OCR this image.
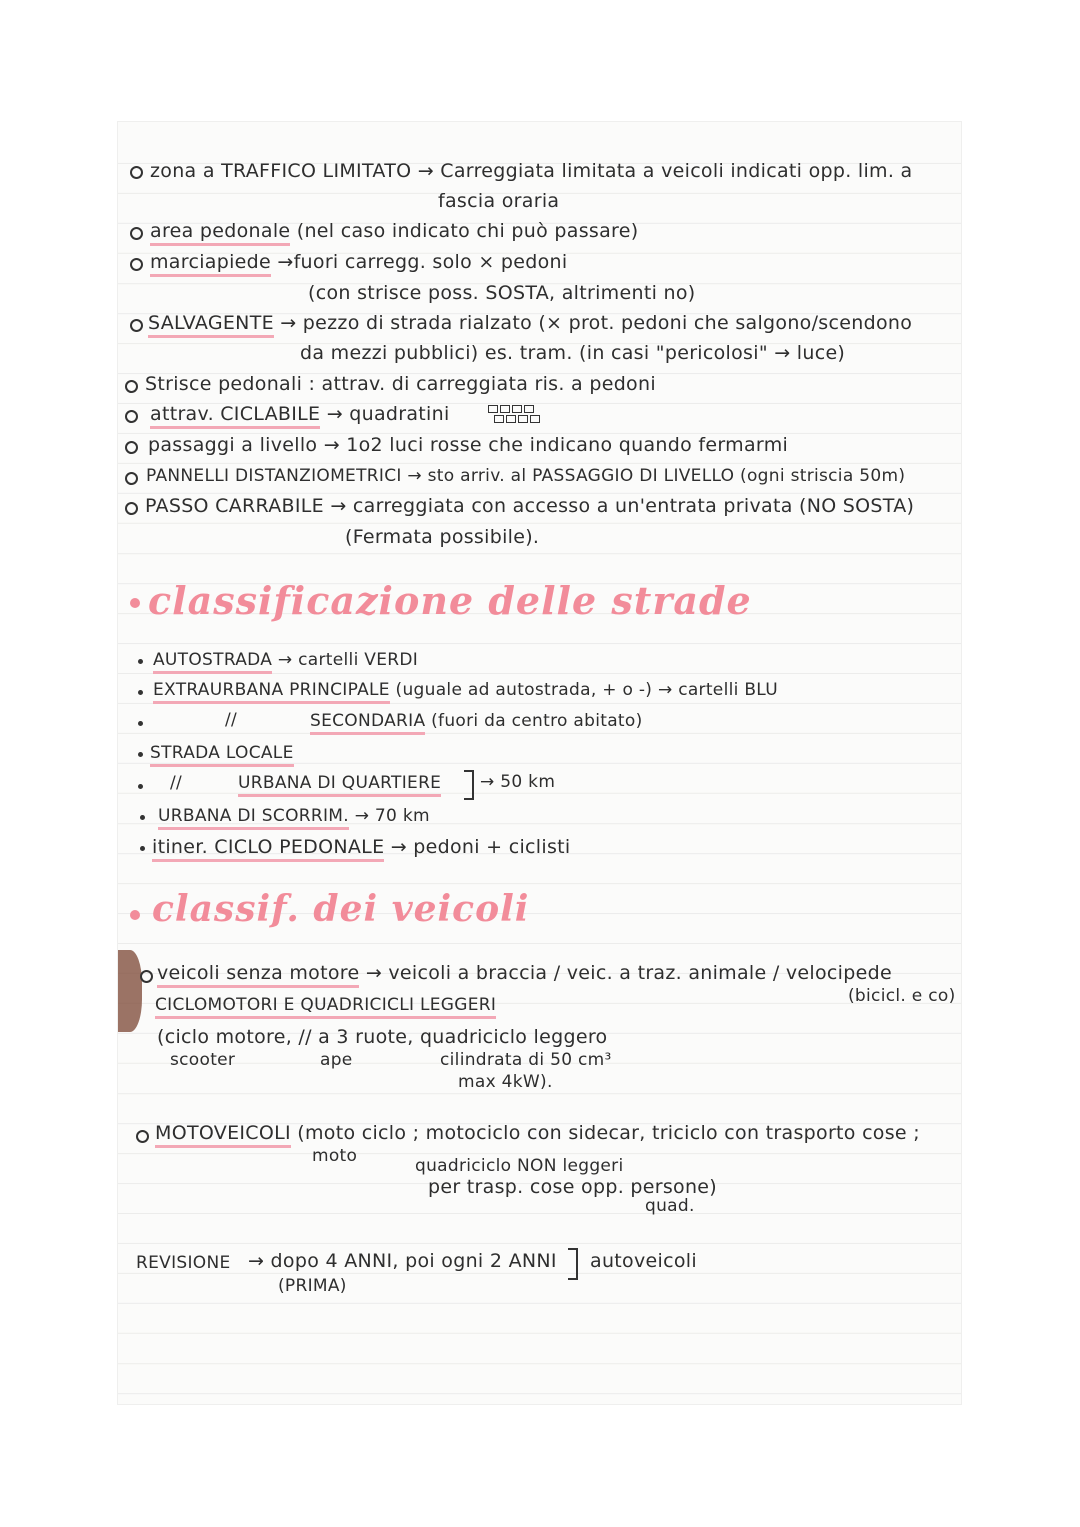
zona a TRAFFICO LIMITATO → Carreggiata limitata a veicoli indicati opp. lim. a
fascia oraria
area pedonale (nel caso indicato chi può passare)
marciapiede →fuori carregg. solo × pedoni
(con strisce poss. SOSTA, altrimenti no)
SALVAGENTE → pezzo di strada rialzato (× prot. pedoni che salgono/scendono
da mezzi pubblici) es. tram. (in casi "pericolosi" → luce)
Strisce pedonali : attrav. di carreggiata ris. a pedoni
attrav. CICLABILE → quadratini
passaggi a livello → 1o2 luci rosse che indicano quando fermarmi
PANNELLI DISTANZIOMETRICI → sto arriv. al PASSAGGIO DI LIVELLO (ogni striscia 50m)
PASSO CARRABILE → carreggiata con accesso a un'entrata privata (NO SOSTA)
(Fermata possibile).
classificazione delle strade
AUTOSTRADA → cartelli VERDI
EXTRAURBANA PRINCIPALE (uguale ad autostrada, + o -) → cartelli BLU
//	SECONDARIA (fuori da centro abitato)
STRADA LOCALE
//	URBANA DI QUARTIERE → 50 km
URBANA DI SCORRIM. → 70 km
itiner. CICLO PEDONALE → pedoni + ciclisti
classif. dei veicoli
veicoli senza motore → veicoli a braccia / veic. a traz. animale / velocipede
(bicicl. e co)
CICLOMOTORI E QUADRICICLI LEGGERI
(ciclo motore, // a 3 ruote, quadriciclo leggero
scooter	ape	cilindrata di 50 cm³
max 4kW).
MOTOVEICOLI (moto ciclo ; motociclo con sidecar, triciclo con trasporto cose ;
moto	quadriciclo NON leggeri
per trasp. cose opp. persone)
quad.
REVISIONE → dopo 4 ANNI, poi ogni 2 ANNI
(PRIMA)
autoveicoli
